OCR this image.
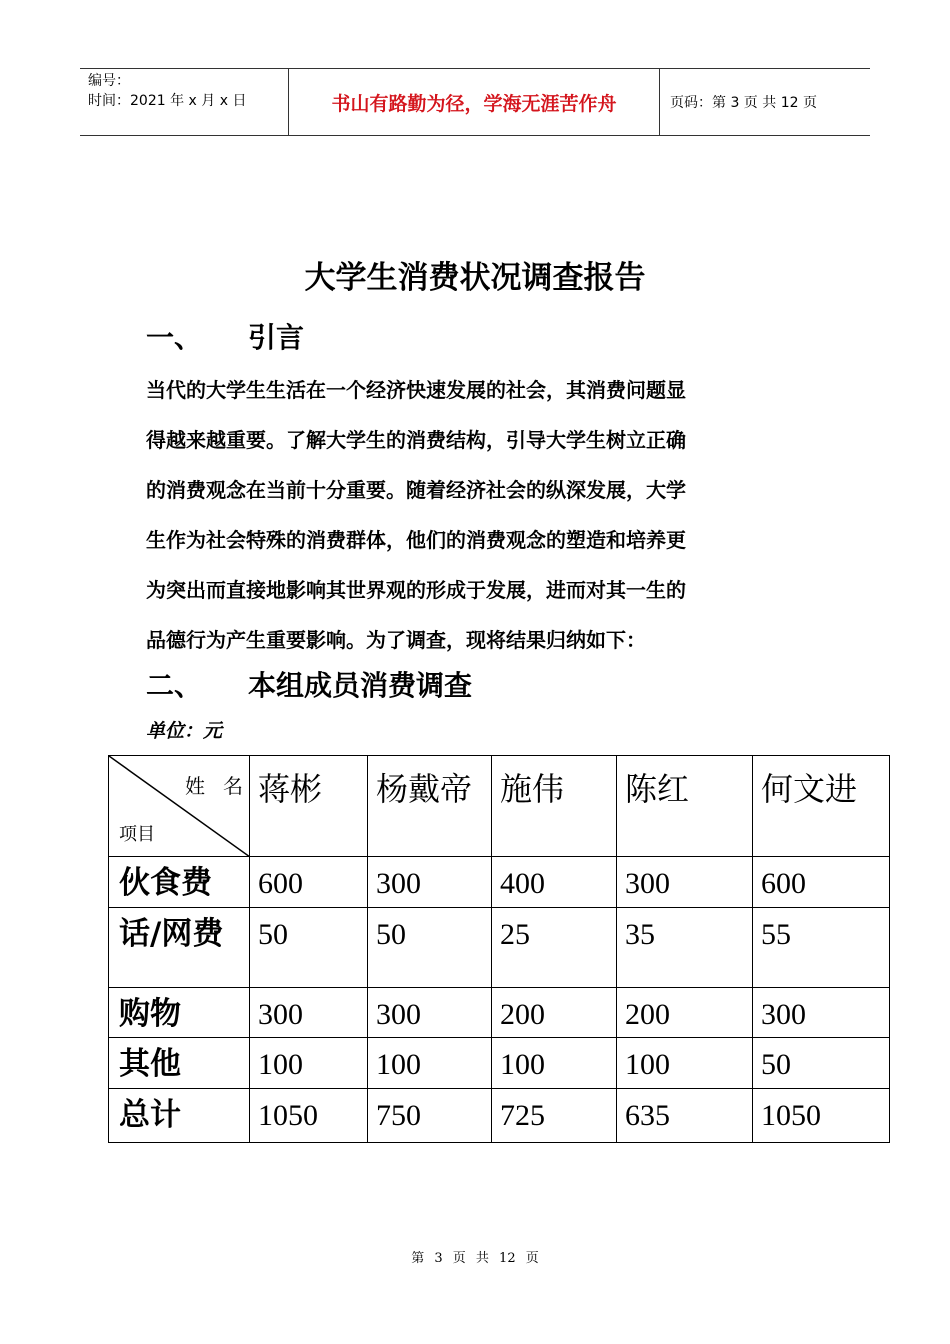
编号：
时间：2021 年 x 月 x 日	书山有路勤为径，学海无涯苦作舟	页码：第 3 页 共 12 页
大学生消费状况调查报告
一、 引言
当代的大学生生活在一个经济快速发展的社会，其消费问题显
得越来越重要。了解大学生的消费结构，引导大学生树立正确
的消费观念在当前十分重要。随着经济社会的纵深发展，大学
生作为社会特殊的消费群体，他们的消费观念的塑造和培养更
为突出而直接地影响其世界观的形成于发展，进而对其一生的
品德行为产生重要影响。为了调查，现将结果归纳如下：
二、 本组成员消费调查
单位：元
姓名
项目	蒋彬	杨戴帝	施伟	陈红	何文进
伙食费	600	300	400	300	600
话/网费	50	50	25	35	55
购物	300	300	200	200	300
其他	100	100	100	100	50
总计	1050	750	725	635	1050
第 3 页 共 12 页
